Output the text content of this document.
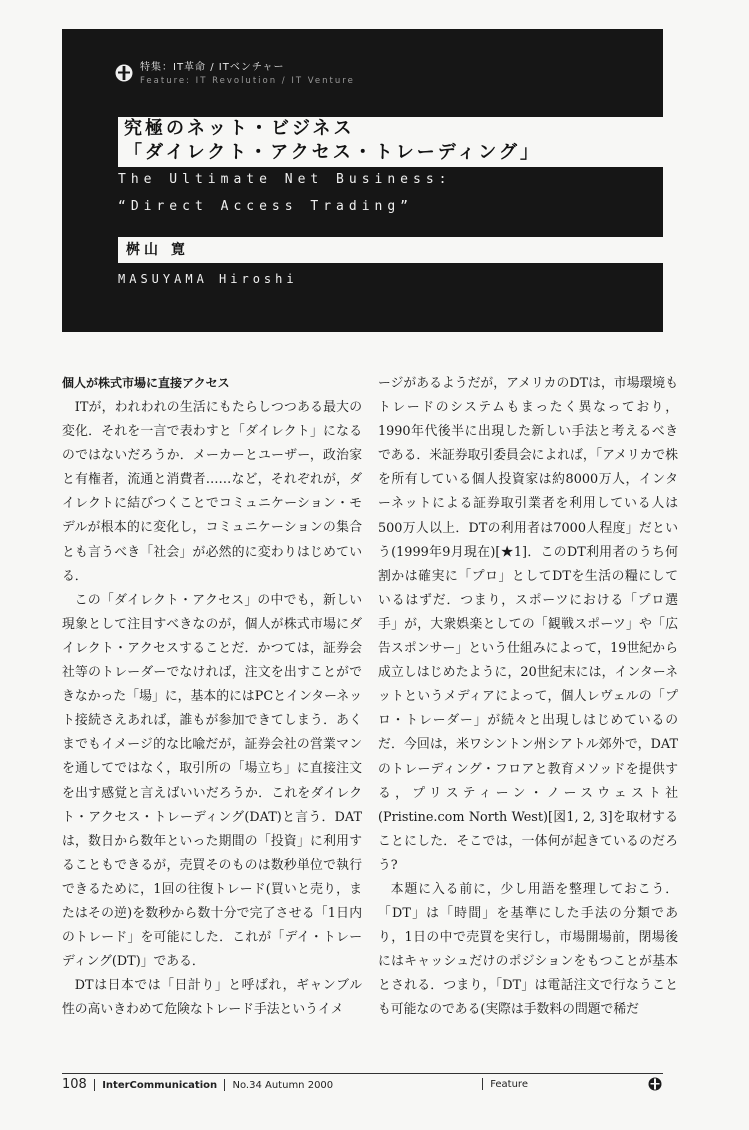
特集：IT革命 / ITベンチャー
Feature: IT Revolution / IT Venture
究極のネット・ビジネス
「ダイレクト・アクセス・トレーディング」
The Ultimate Net Business:
“Direct Access Trading”
桝山 寛
MASUYAMA Hiroshi
個人が株式市場に直接アクセス

ITが，われわれの生活にもたらしつつある最大の変化．それを一言で表わすと「ダイレクト」になるのではないだろうか．メーカーとユーザー，政治家と有権者，流通と消費者……など，それぞれが，ダイレクトに結びつくことでコミュニケーション・モデルが根本的に変化し，コミュニケーションの集合とも言うべき「社会」が必然的に変わりはじめている．

この「ダイレクト・アクセス」の中でも，新しい現象として注目すべきなのが，個人が株式市場にダイレクト・アクセスすることだ．かつては，証券会社等のトレーダーでなければ，注文を出すことができなかった「場」に，基本的にはPCとインターネット接続さえあれば，誰もが参加できてしまう．あくまでもイメージ的な比喩だが，証券会社の営業マンを通してではなく，取引所の「場立ち」に直接注文を出す感覚と言えばいいだろうか．これをダイレクト・アクセス・トレーディング(DAT)と言う．DATは，数日から数年といった期間の「投資」に利用することもできるが，売買そのものは数秒単位で執行できるために，1回の往復トレード(買いと売り，またはその逆)を数秒から数十分で完了させる「1日内のトレード」を可能にした．これが「デイ・トレーディング(DT)」である．

DTは日本では「日計り」と呼ばれ，ギャンブル性の高いきわめて危険なトレード手法というイメ

ージがあるようだが，アメリカのDTは，市場環境もトレードのシステムもまったく異なっており，1990年代後半に出現した新しい手法と考えるべきである．米証券取引委員会によれば，「アメリカで株を所有している個人投資家は約8000万人，インターネットによる証券取引業者を利用している人は500万人以上．DTの利用者は7000人程度」だという(1999年9月現在)[★1]．このDT利用者のうち何割かは確実に「プロ」としてDTを生活の糧にしているはずだ．つまり，スポーツにおける「プロ選手」が，大衆娯楽としての「観戦スポーツ」や「広告スポンサー」という仕組みによって，19世紀から成立しはじめたように，20世紀末には，インターネットというメディアによって，個人レヴェルの「プロ・トレーダー」が続々と出現しはじめているのだ．今回は，米ワシントン州シアトル郊外で，DATのトレーディング・フロアと教育メソッドを提供する，プリスティーン・ノースウェスト社(Pristine.com North West)[図1, 2, 3]を取材することにした．そこでは，一体何が起きているのだろう?

本題に入る前に，少し用語を整理しておこう．「DT」は「時間」を基準にした手法の分類であり，1日の中で売買を実行し，市場開場前，閉場後にはキャッシュだけのポジションをもつことが基本とされる．つまり，「DT」は電話注文で行なうことも可能なのである(実際は手数料の問題で稀だ

108 InterCommunication No.34 Autumn 2000	Feature
